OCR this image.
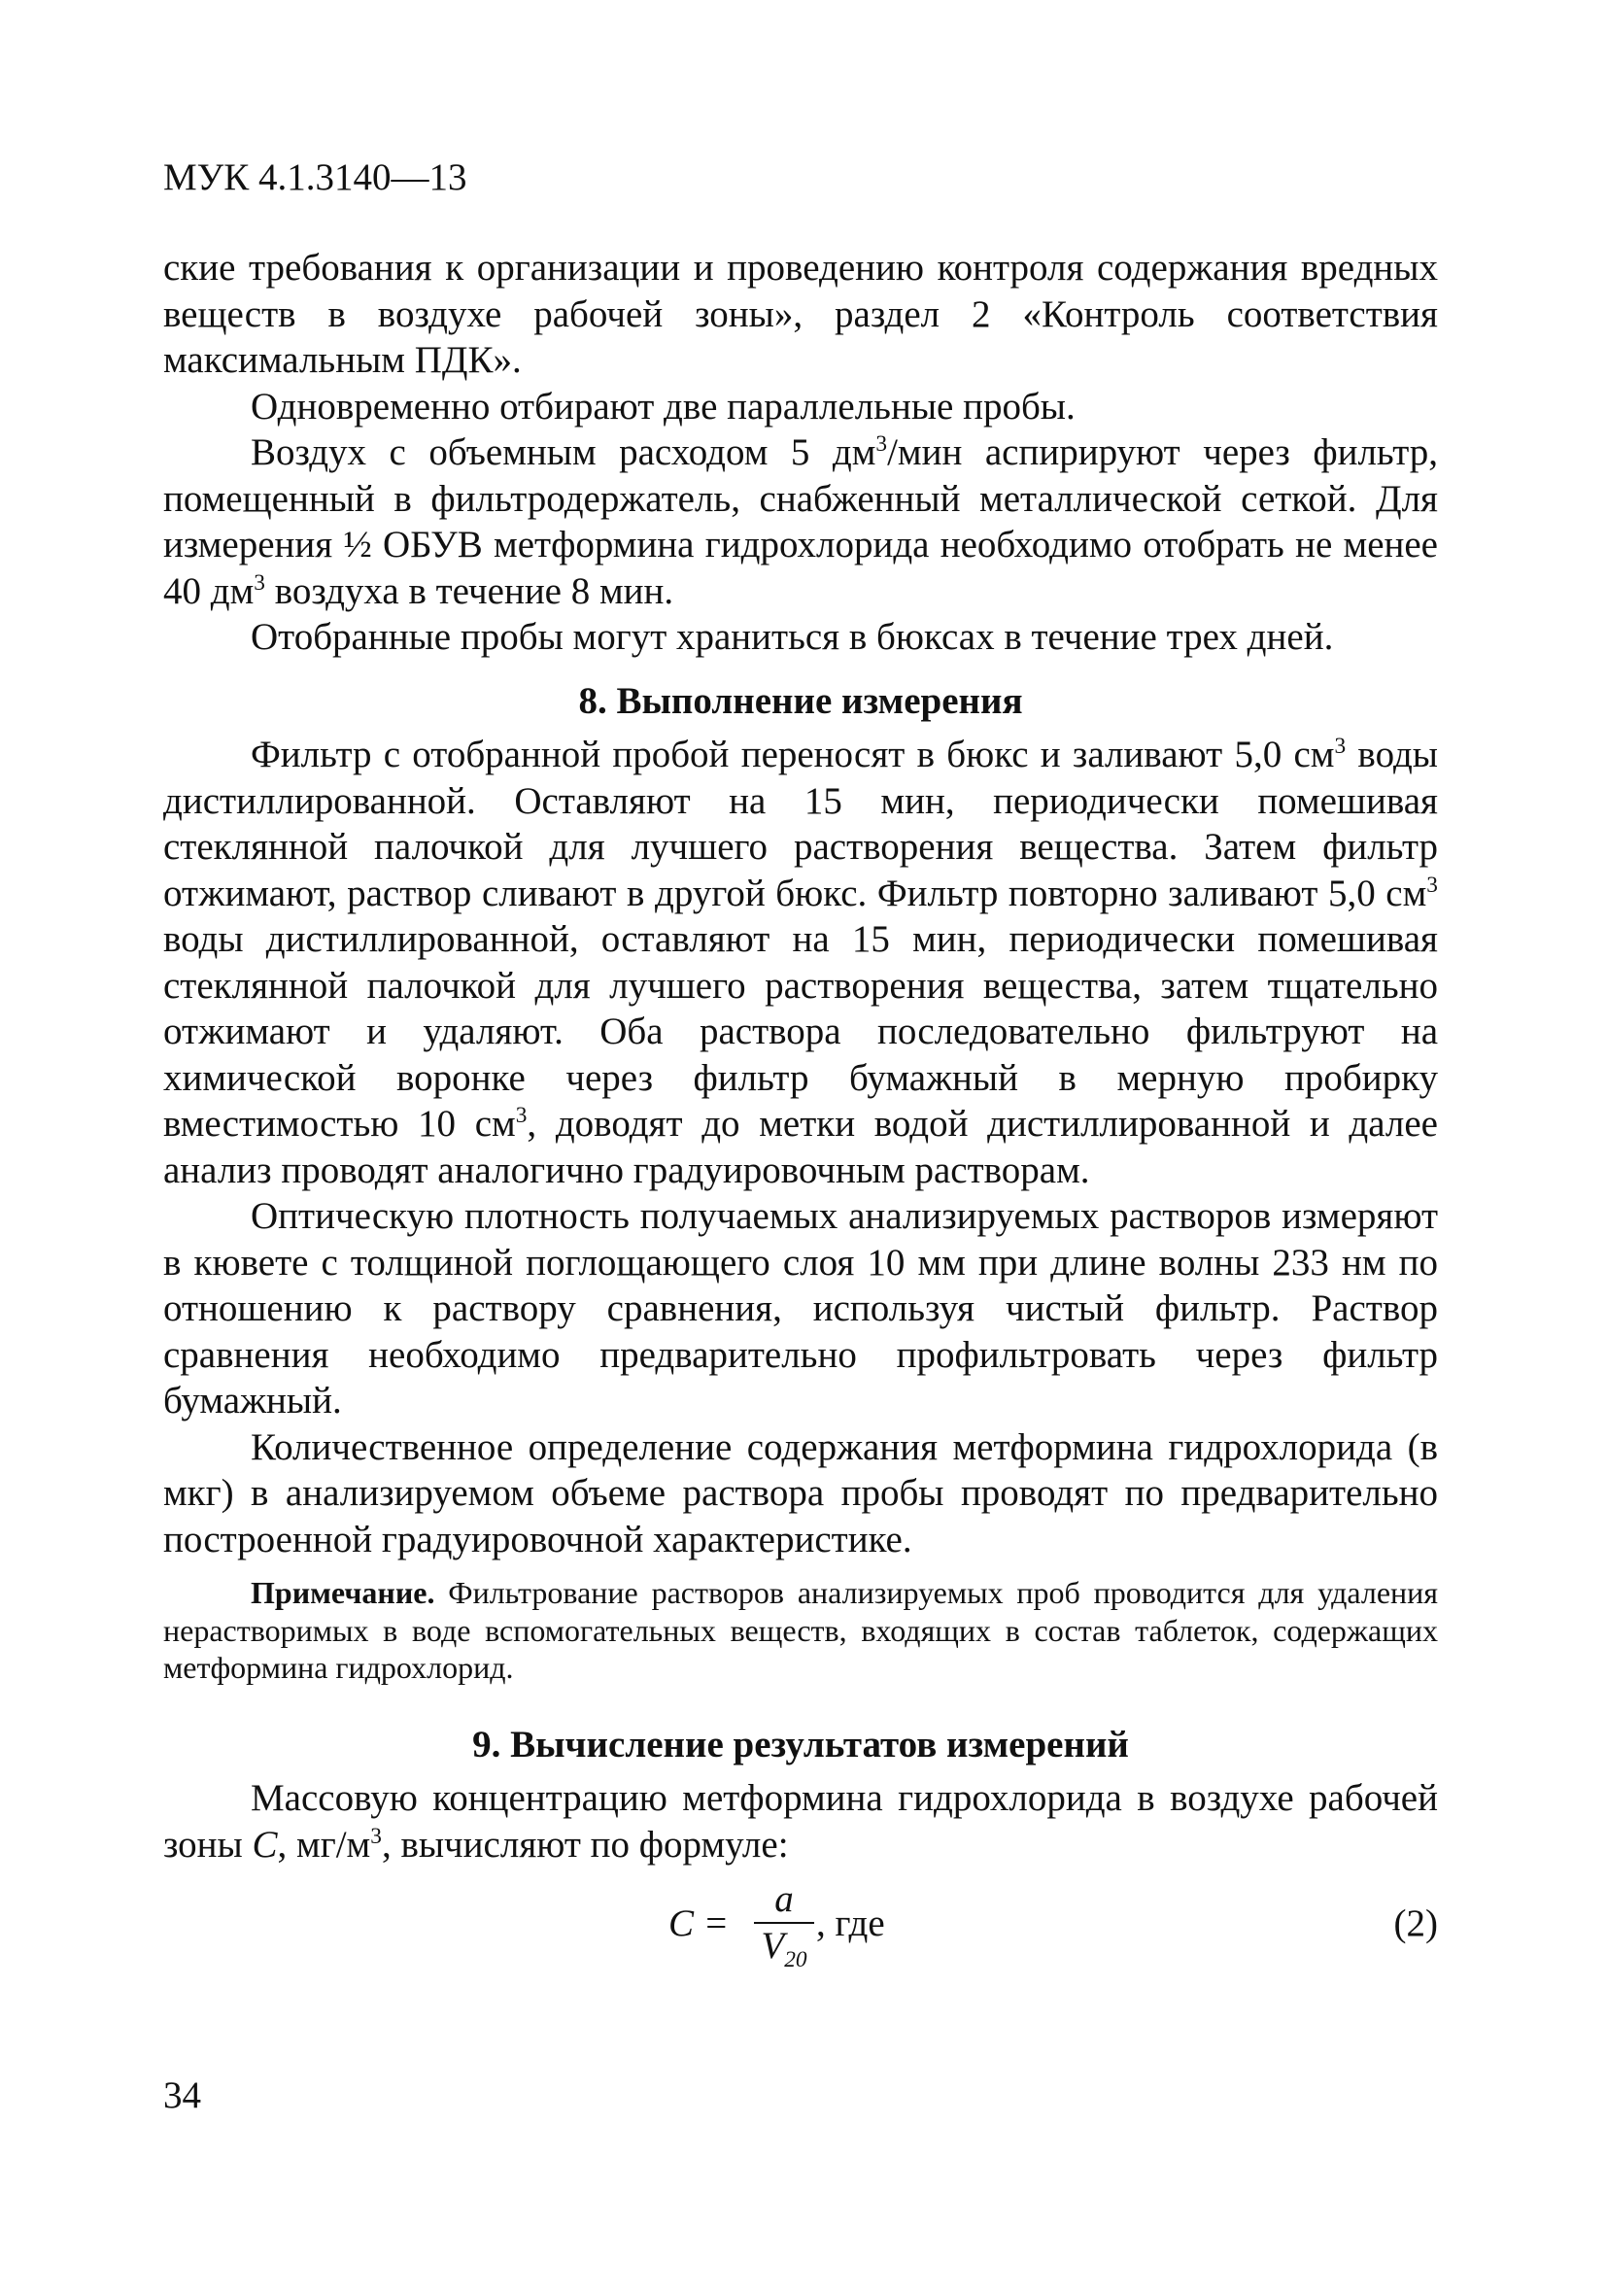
МУК 4.1.3140—13

ские требования к организации и проведению контроля содержания вредных веществ в воздухе рабочей зоны», раздел 2 «Контроль соответствия максимальным ПДК».

Одновременно отбирают две параллельные пробы.

Воздух с объемным расходом 5 $дм^3$/мин аспирируют через фильтр, помещенный в фильтродержатель, снабженный металлической сеткой. Для измерения ½ ОБУВ метформина гидрохлорида необходимо отобрать не менее 40 $дм^3$ воздуха в течение 8 мин.

Отобранные пробы могут храниться в бюксах в течение трех дней.

8. Выполнение измерения

Фильтр с отобранной пробой переносят в бюкс и заливают 5,0 $см^3$ воды дистиллированной. Оставляют на 15 мин, периодически помешивая стеклянной палочкой для лучшего растворения вещества. Затем фильтр отжимают, раствор сливают в другой бюкс. Фильтр повторно заливают 5,0 $см^3$ воды дистиллированной, оставляют на 15 мин, периодически помешивая стеклянной палочкой для лучшего растворения вещества, затем тщательно отжимают и удаляют. Оба раствора последовательно фильтруют на химической воронке через фильтр бумажный в мерную пробирку вместимостью 10 $см^3$, доводят до метки водой дистиллированной и далее анализ проводят аналогично градуировочным растворам.

Оптическую плотность получаемых анализируемых растворов измеряют в кювете с толщиной поглощающего слоя 10 мм при длине волны 233 нм по отношению к раствору сравнения, используя чистый фильтр. Раствор сравнения необходимо предварительно профильтровать через фильтр бумажный.

Количественное определение содержания метформина гидрохлорида (в мкг) в анализируемом объеме раствора пробы проводят по предварительно построенной градуировочной характеристике.

Примечание. Фильтрование растворов анализируемых проб проводится для удаления нерастворимых в воде вспомогательных веществ, входящих в состав таблеток, содержащих метформина гидрохлорид.

9. Вычисление результатов измерений

Массовую концентрацию метформина гидрохлорида в воздухе рабочей зоны С, $мг/м^3$, вычисляют по формуле:

С =
а
$V_{20}$
, где	(2)
34
